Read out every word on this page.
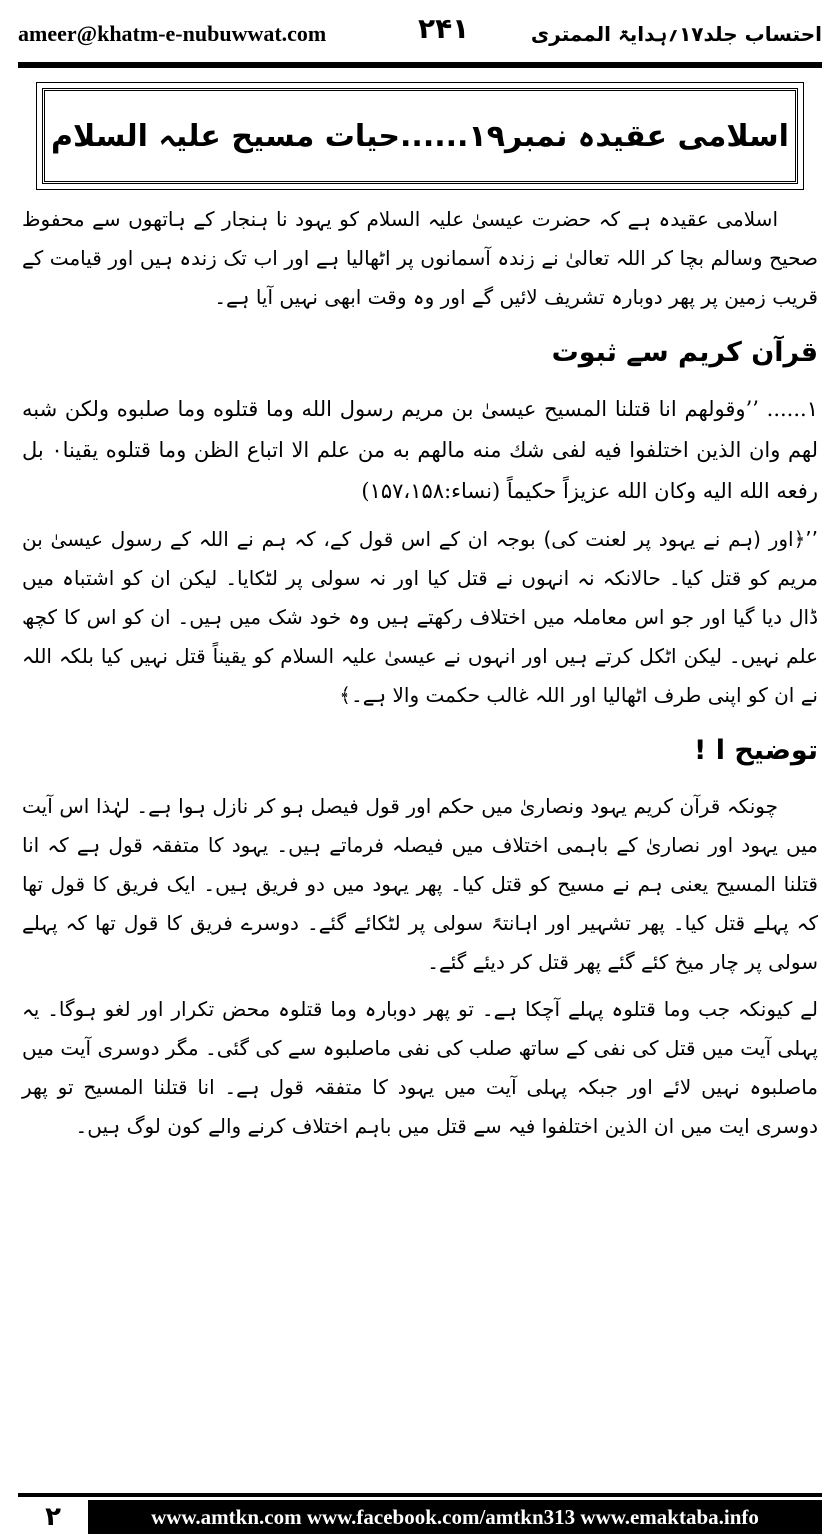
ameer@khatm-e-nubuwwat.com	۲۴۱	احتساب جلد۱۷؍ہدایۃ الممتری
اسلامی عقیدہ نمبر۱۹......حیات مسیح علیہ السلام

اسلامی عقیدہ ہے کہ حضرت عیسیٰ علیہ السلام کو یہود نا ہنجار کے ہاتھوں سے محفوظ صحیح وسالم بچا کر اللہ تعالیٰ نے زندہ آسمانوں پر اٹھالیا ہے اور اب تک زندہ ہیں اور قیامت کے قریب زمین پر پھر دوبارہ تشریف لائیں گے اور وہ وقت ابھی نہیں آیا ہے۔

قرآن کریم سے ثبوت

۱...... ’’وقولهم انا قتلنا المسيح عيسىٰ بن مريم رسول الله وما قتلوه وما صلبوه ولكن شبه لهم وان الذين اختلفوا فيه لفى شك منه مالهم به من علم الا اتباع الظن وما قتلوه يقينا۰ بل رفعه الله اليه وكان الله عزيزاً حكيماً (نساء:۱۵۷،۱۵۸)

’’﴿اور (ہم نے یہود پر لعنت کی) بوجہ ان کے اس قول کے، کہ ہم نے اللہ کے رسول عیسیٰ بن مریم کو قتل کیا۔ حالانکہ نہ انہوں نے قتل کیا اور نہ سولی پر لٹکایا۔ لیکن ان کو اشتباہ میں ڈال دیا گیا اور جو اس معاملہ میں اختلاف رکھتے ہیں وہ خود شک میں ہیں۔ ان کو اس کا کچھ علم نہیں۔ لیکن اٹکل کرتے ہیں اور انہوں نے عیسیٰ علیہ السلام کو یقیناً قتل نہیں کیا بلکہ اللہ نے ان کو اپنی طرف اٹھالیا اور اللہ غالب حکمت والا ہے۔﴾

توضیح ا !

چونکہ قرآن کریم یہود ونصاریٰ میں حکم اور قول فیصل ہو کر نازل ہوا ہے۔ لہٰذا اس آیت میں یہود اور نصاریٰ کے باہمی اختلاف میں فیصلہ فرماتے ہیں۔ یہود کا متفقہ قول ہے کہ انا قتلنا المسیح یعنی ہم نے مسیح کو قتل کیا۔ پھر یہود میں دو فریق ہیں۔ ایک فریق کا قول تھا کہ پہلے قتل کیا۔ پھر تشہیر اور اہانتہً سولی پر لٹکائے گئے۔ دوسرے فریق کا قول تھا کہ پہلے سولی پر چار میخ کئے گئے پھر قتل کر دیئے گئے۔

لے کیونکہ جب وما قتلوہ پہلے آچکا ہے۔ تو پھر دوبارہ وما قتلوہ محض تکرار اور لغو ہوگا۔ یہ پہلی آیت میں قتل کی نفی کے ساتھ صلب کی نفی ماصلبوہ سے کی گئی۔ مگر دوسری آیت میں ماصلبوہ نہیں لائے اور جبکہ پہلی آیت میں یہود کا متفقہ قول ہے۔ انا قتلنا المسیح تو پھر دوسری ایت میں ان الذین اختلفوا فیہ سے قتل میں باہم اختلاف کرنے والے کون لوگ ہیں۔

۲	www.amtkn.com www.facebook.com/amtkn313 www.emaktaba.info
